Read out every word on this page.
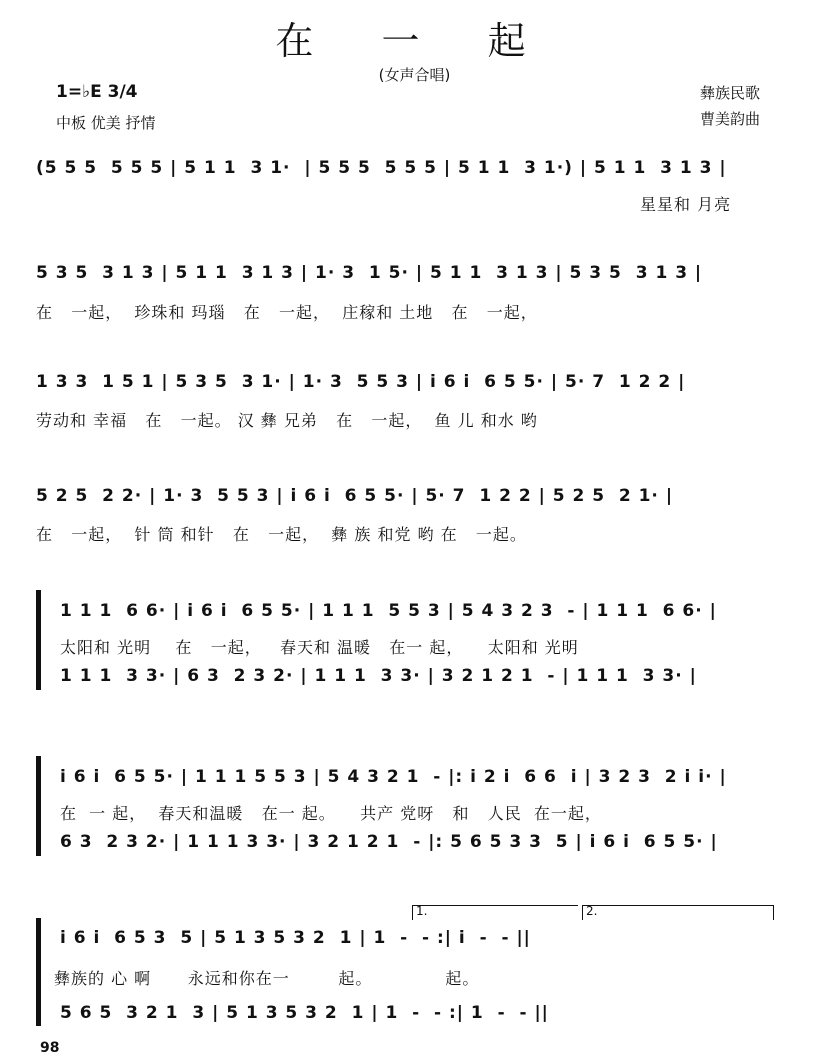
在 一 起
(女声合唱)
1=♭E 3/4
中板 优美 抒情
彝族民歌
曹美韵曲
(5 5 5  5 5 5 | 5 1 1  3 1·  | 5 5 5  5 5 5 | 5 1 1  3 1·) | 5 1 1  3 1 3 |
星星和 月亮
5 3 5  3 1 3 | 5 1 1  3 1 3 | 1· 3  1 5· | 5 1 1  3 1 3 | 5 3 5  3 1 3 |
在   一起，  珍珠和 玛瑙   在   一起，  庄稼和 土地   在   一起，
1 3 3  1 5 1 | 5 3 5  3 1· | 1· 3  5 5 3 | i 6 i  6 5 5· | 5· 7  1 2 2 |
劳动和 幸福   在   一起。 汉 彝 兄弟   在   一起，  鱼 儿 和水 哟
5 2 5  2 2· | 1· 3  5 5 3 | i 6 i  6 5 5· | 5· 7  1 2 2 | 5 2 5  2 1· |
在   一起，  针 筒 和针   在   一起，  彝 族 和党 哟 在   一起。
1 1 1  6 6· | i 6 i  6 5 5· | 1 1 1  5 5 3 | 5 4 3 2 3  - | 1 1 1  6 6· |
太阳和 光明    在   一起，   春天和 温暖   在一 起，    太阳和 光明
1 1 1  3 3· | 6 3  2 3 2· | 1 1 1  3 3· | 3 2 1 2 1  - | 1 1 1  3 3· |
i 6 i  6 5 5· | 1 1 1 5 5 3 | 5 4 3 2 1  - |: i 2 i  6 6  i | 3 2 3  2 i i· |
在  一 起，  春天和温暖   在一 起。    共产 党呀   和   人民  在一起，
6 3  2 3 2· | 1 1 1 3 3· | 3 2 1 2 1  - |: 5 6 5 3 3  5 | i 6 i  6 5 5· |
1.	2.
i 6 i  6 5 3  5 | 5 1 3 5 3 2  1 | 1  -  - :| i  -  - ||
彝族的 心 啊      永远和你在一        起。            起。
5 6 5  3 2 1  3 | 5 1 3 5 3 2  1 | 1  -  - :| 1  -  - ||
98
